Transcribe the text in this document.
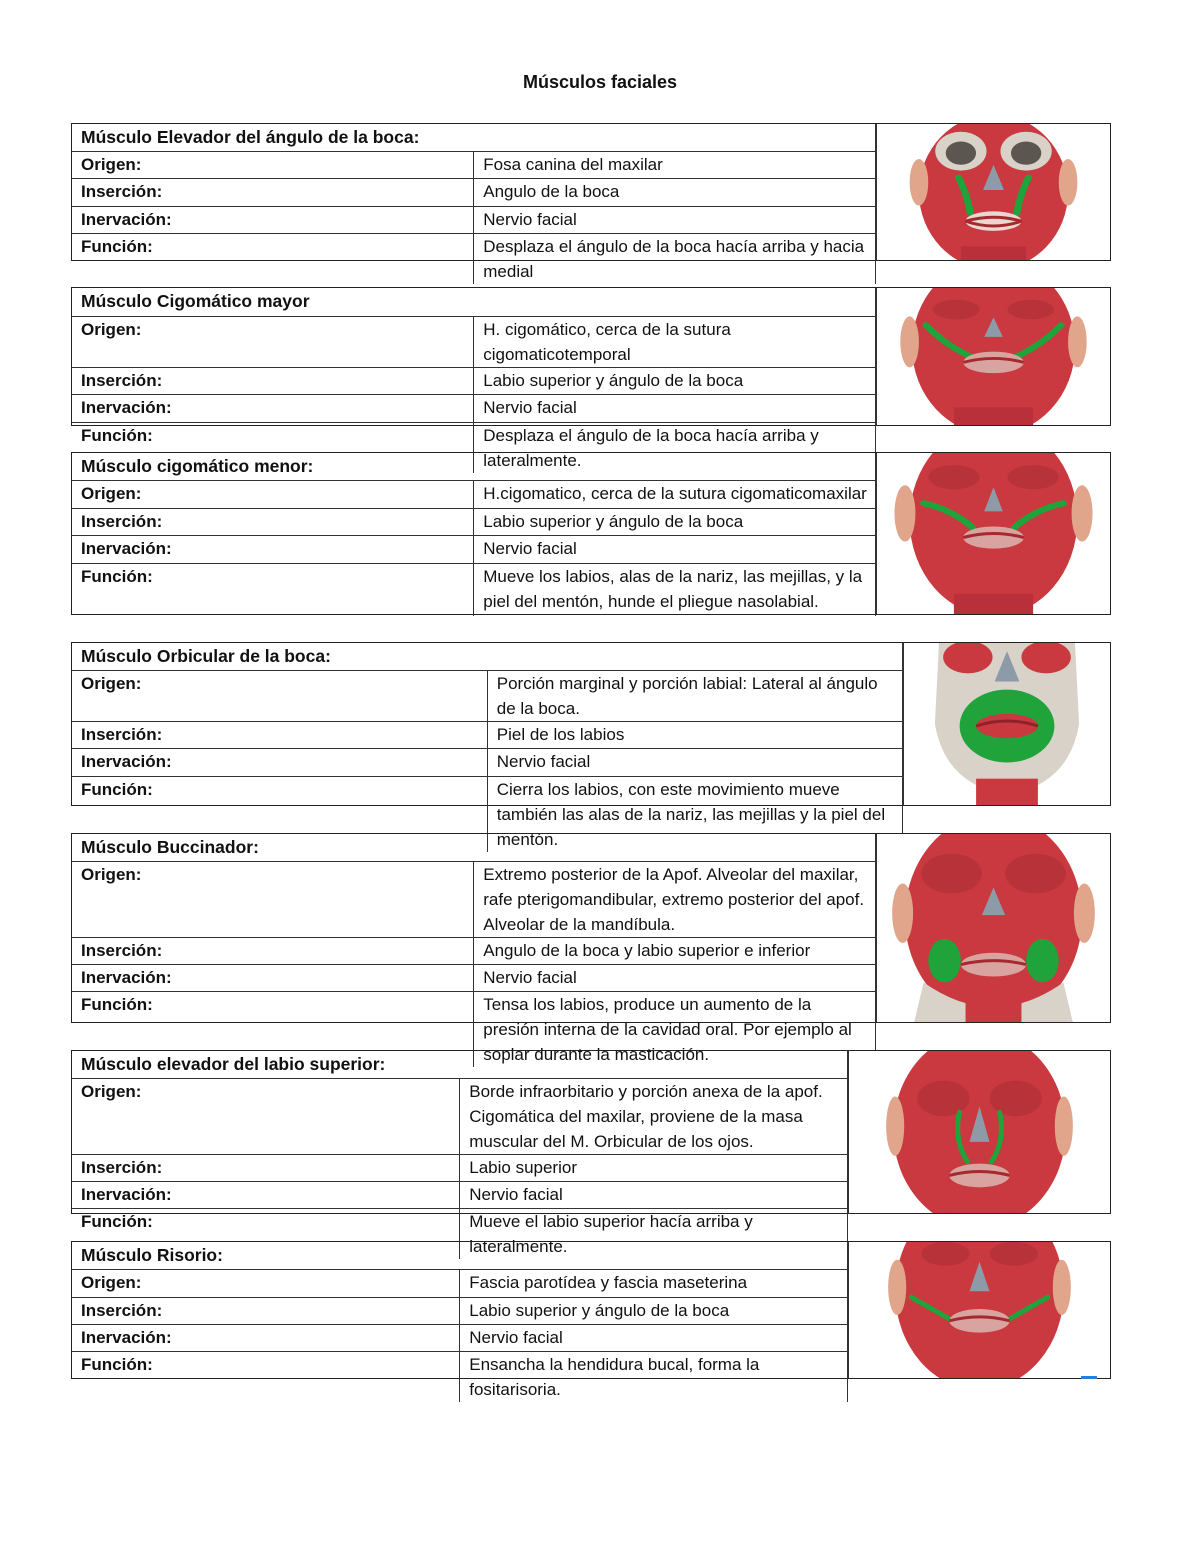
Músculos faciales
Músculo Elevador del ángulo de la boca:	
Origen:	Fosa canina del maxilar
Inserción:	Angulo de la boca
Inervación:	Nervio facial
Función:	Desplaza el ángulo de la boca hacía arriba y hacia medial
Músculo Cigomático mayor	
Origen:	H. cigomático, cerca de la sutura cigomaticotemporal
Inserción:	Labio superior y ángulo de la boca
Inervación:	Nervio facial
Función:	Desplaza el ángulo de la boca hacía arriba y lateralmente.
Músculo cigomático menor:	
Origen:	H.cigomatico, cerca de la sutura cigomaticomaxilar
Inserción:	Labio superior y ángulo de la boca
Inervación:	Nervio facial
Función:	Mueve los labios, alas de la nariz, las mejillas, y la piel del mentón, hunde el pliegue nasolabial.
Músculo Orbicular de la boca:	
Origen:	Porción marginal y porción labial: Lateral al ángulo de la boca.
Inserción:	Piel de los labios
Inervación:	Nervio facial
Función:	Cierra los labios, con este movimiento mueve también las alas de la nariz, las mejillas y la piel del mentón.
Músculo Buccinador:	
Origen:	Extremo posterior de la Apof. Alveolar del maxilar, rafe pterigomandibular, extremo posterior del apof. Alveolar de la mandíbula.
Inserción:	Angulo de la boca y labio superior e inferior
Inervación:	Nervio facial
Función:	Tensa los labios, produce un aumento de la presión interna de la cavidad oral. Por ejemplo al soplar durante la masticación.
Músculo elevador del labio superior:	
Origen:	Borde infraorbitario y porción anexa de la apof. Cigomática del maxilar, proviene de la masa muscular del M. Orbicular de los ojos.
Inserción:	Labio superior
Inervación:	Nervio facial
Función:	Mueve el labio superior hacía arriba y lateralmente.
Músculo Risorio:	
Origen:	Fascia parotídea y fascia maseterina
Inserción:	Labio superior y ángulo de la boca
Inervación:	Nervio facial
Función:	Ensancha la hendidura bucal, forma la fositarisoria.
